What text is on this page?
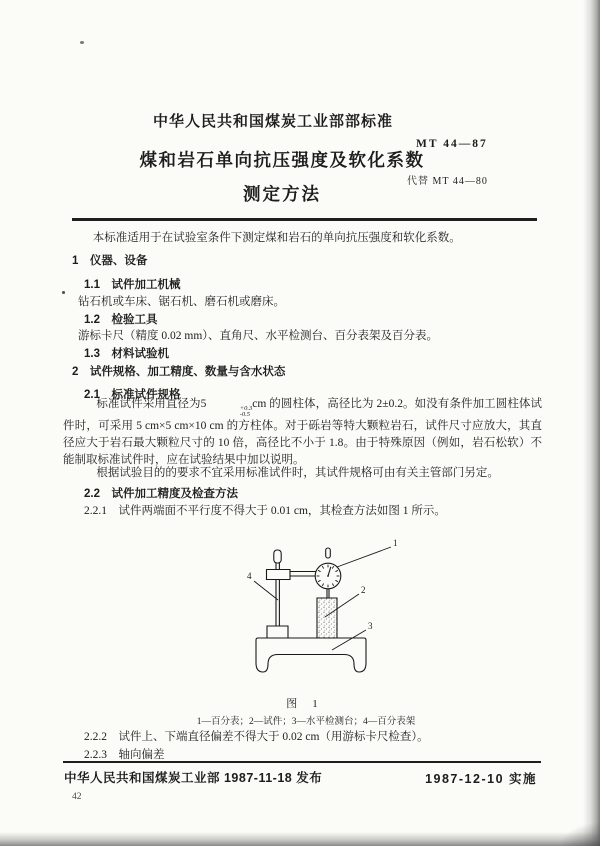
中华人民共和国煤炭工业部部标准
煤和岩石单向抗压强度及软化系数
测定方法
MT 44—87
代替 MT 44—80
本标准适用于在试验室条件下测定煤和岩石的单向抗压强度和软化系数。
1　仪器、设备
1.1　试件加工机械
钻石机或车床、锯石机、磨石机或磨床。
1.2　检验工具
游标卡尺（精度 0.02 mm）、直角尺、水平检测台、百分表架及百分表。
1.3　材料试验机
2　试件规格、加工精度、数量与含水状态
2.1　标准试件规格
标准试件采用直径为5	+0.3
-0.5
cm 的圆柱体，高径比为 2±0.2。如没有条件加工圆柱体试件时，可采用 5 cm×5 cm×10 cm 的方柱体。对于砾岩等特大颗粒岩石，试件尺寸应放大，其直径应大于岩石最大颗粒尺寸的 10 倍，高径比不小于 1.8。由于特殊原因（例如，岩石松软）不能制取标准试件时，应在试验结果中加以说明。
根据试验目的的要求不宜采用标准试件时，其试件规格可由有关主管部门另定。
2.2　试件加工精度及检查方法
2.2.1　试件两端面不平行度不得大于 0.01 cm，其检查方法如图 1 所示。
1
2
3
4
图　1
1—百分表；2—试件；3—水平检测台；4—百分表架
2.2.2　试件上、下端直径偏差不得大于 0.02 cm（用游标卡尺检查）。
2.2.3　轴向偏差
中华人民共和国煤炭工业部 1987-11-18 发布	1987-12-10 实施
42
